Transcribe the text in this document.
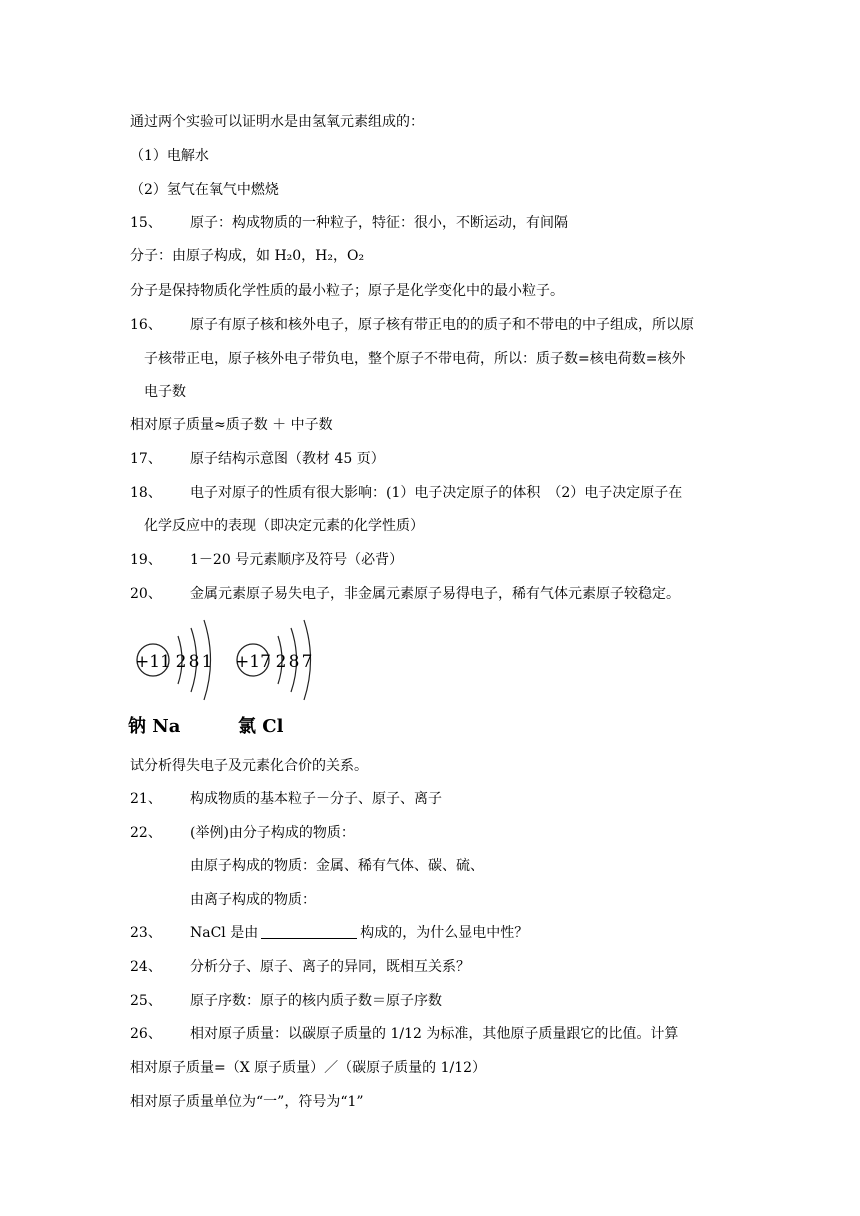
通过两个实验可以证明水是由氢氧元素组成的：
（1）电解水
（2）氢气在氧气中燃烧
15、 原子：构成物质的一种粒子，特征：很小，不断运动，有间隔
分子：由原子构成，如 H₂0，H₂，O₂
分子是保持物质化学性质的最小粒子；原子是化学变化中的最小粒子。
16、 原子有原子核和核外电子，原子核有带正电的的质子和不带电的中子组成，所以原
子核带正电，原子核外电子带负电，整个原子不带电荷，所以：质子数=核电荷数=核外
电子数
相对原子质量≈质子数 ＋ 中子数
17、 原子结构示意图（教材 45 页）
18、 电子对原子的性质有很大影响：(1）电子决定原子的体积　（2）电子决定原子在
化学反应中的表现（即决定元素的化学性质）
19、 1－20 号元素顺序及符号（必背）
20、 金属元素原子易失电子，非金属元素原子易得电子，稀有气体元素原子较稳定。
+11 2 8 1
钠 Na
+17 2 8 7
氯 Cl
试分析得失电子及元素化合价的关系。
21、 构成物质的基本粒子－分子、原子、离子
22、 (举例)由分子构成的物质：
由原子构成的物质：金属、稀有气体、碳、硫、
由离子构成的物质：
23、 NaCl 是由	构成的，为什么显电中性？
24、 分析分子、原子、离子的异同，既相互关系？
25、 原子序数：原子的核内质子数＝原子序数
26、 相对原子质量：以碳原子质量的 1/12 为标准，其他原子质量跟它的比值。计算
相对原子质量=（X 原子质量）／（碳原子质量的 1/12）
相对原子质量单位为“一”，符号为“1”
